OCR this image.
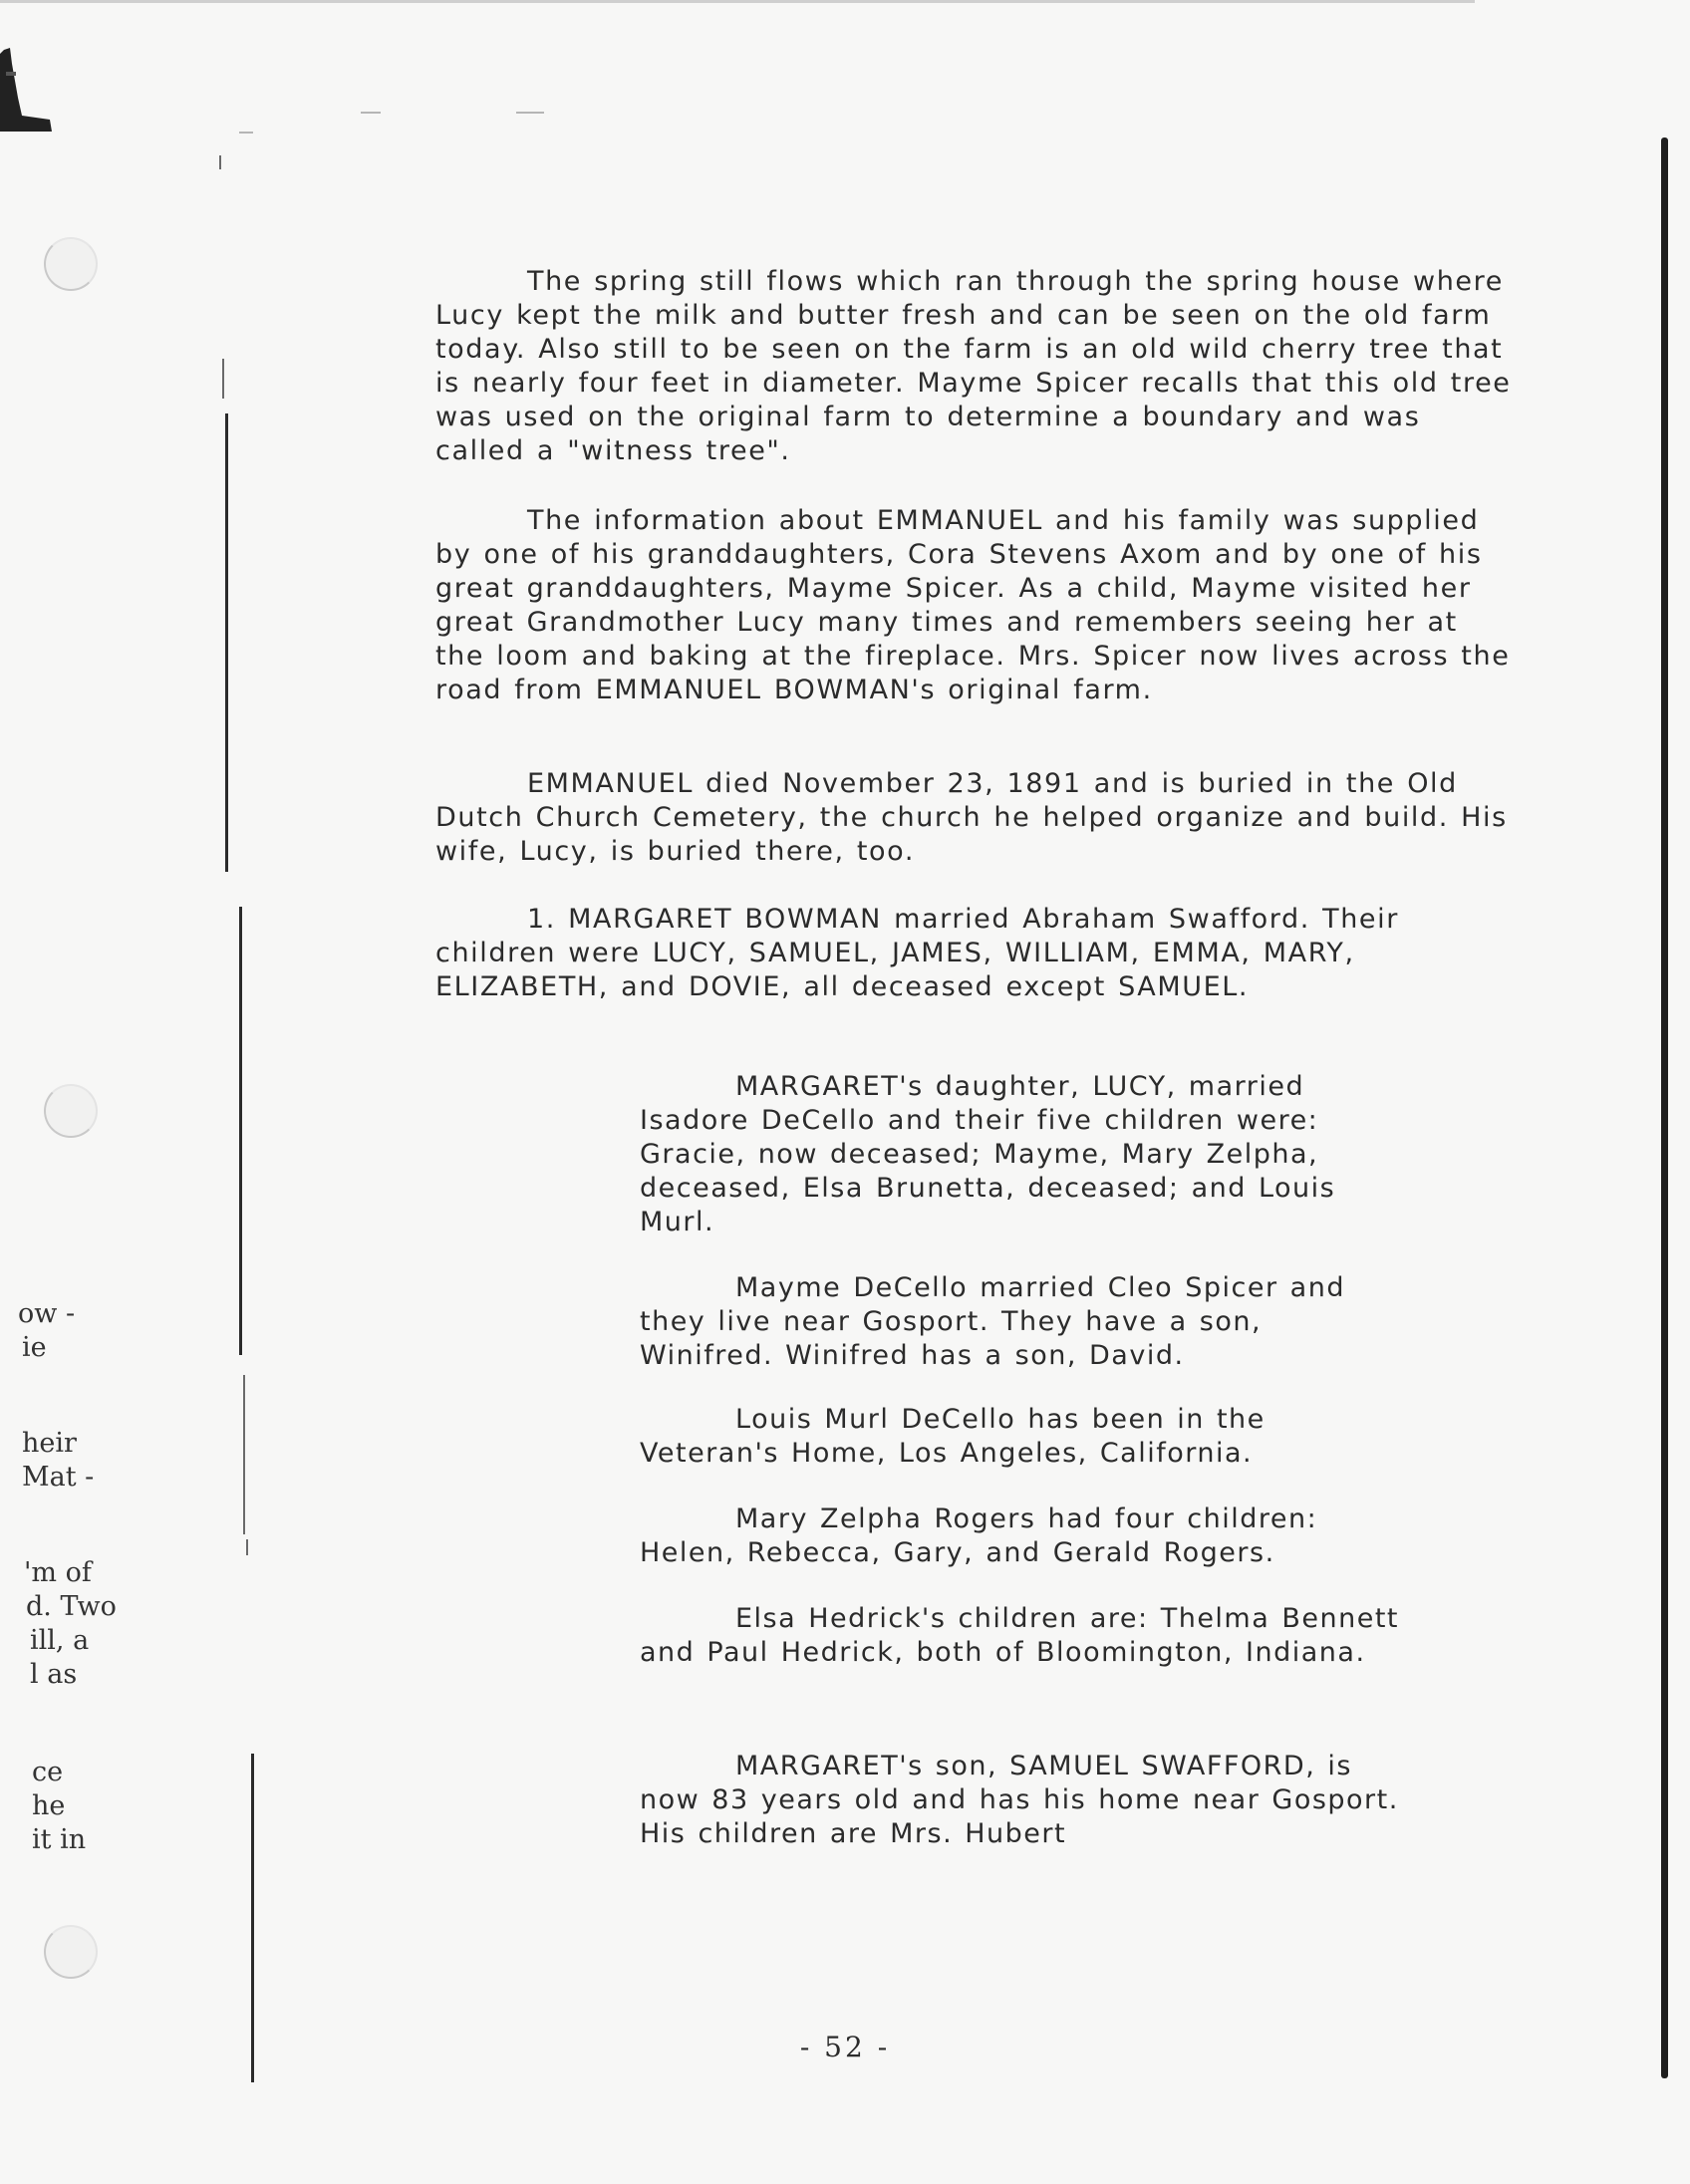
ow -
ie
heir
Mat -
'm of
d. Two
ill, a
l as
ce
he
it in

The spring still flows which ran through the spring house where Lucy kept the milk and butter fresh and can be seen on the old farm today. Also still to be seen on the farm is an old wild cherry tree that is nearly four feet in diameter. Mayme Spicer recalls that this old tree was used on the original farm to determine a boundary and was called a "witness tree".

The information about EMMANUEL and his family was supplied by one of his granddaughters, Cora Stevens Axom and by one of his great granddaughters, Mayme Spicer. As a child, Mayme visited her great Grandmother Lucy many times and remembers seeing her at the loom and baking at the fireplace. Mrs. Spicer now lives across the road from EMMANUEL BOWMAN's original farm.

EMMANUEL died November 23, 1891 and is buried in the Old Dutch Church Cemetery, the church he helped organize and build. His wife, Lucy, is buried there, too.

1. MARGARET BOWMAN married Abraham Swafford. Their children were LUCY, SAMUEL, JAMES, WILLIAM, EMMA, MARY, ELIZABETH, and DOVIE, all deceased except SAMUEL.

MARGARET's daughter, LUCY, married Isadore DeCello and their five children were: Gracie, now deceased; Mayme, Mary Zelpha, deceased, Elsa Brunetta, deceased; and Louis Murl.

Mayme DeCello married Cleo Spicer and they live near Gosport. They have a son, Winifred. Winifred has a son, David.

Louis Murl DeCello has been in the Veteran's Home, Los Angeles, California.

Mary Zelpha Rogers had four children: Helen, Rebecca, Gary, and Gerald Rogers.

Elsa Hedrick's children are: Thelma Bennett and Paul Hedrick, both of Bloomington, Indiana.

MARGARET's son, SAMUEL SWAFFORD, is now 83 years old and has his home near Gosport. His children are Mrs. Hubert

- 52 -
